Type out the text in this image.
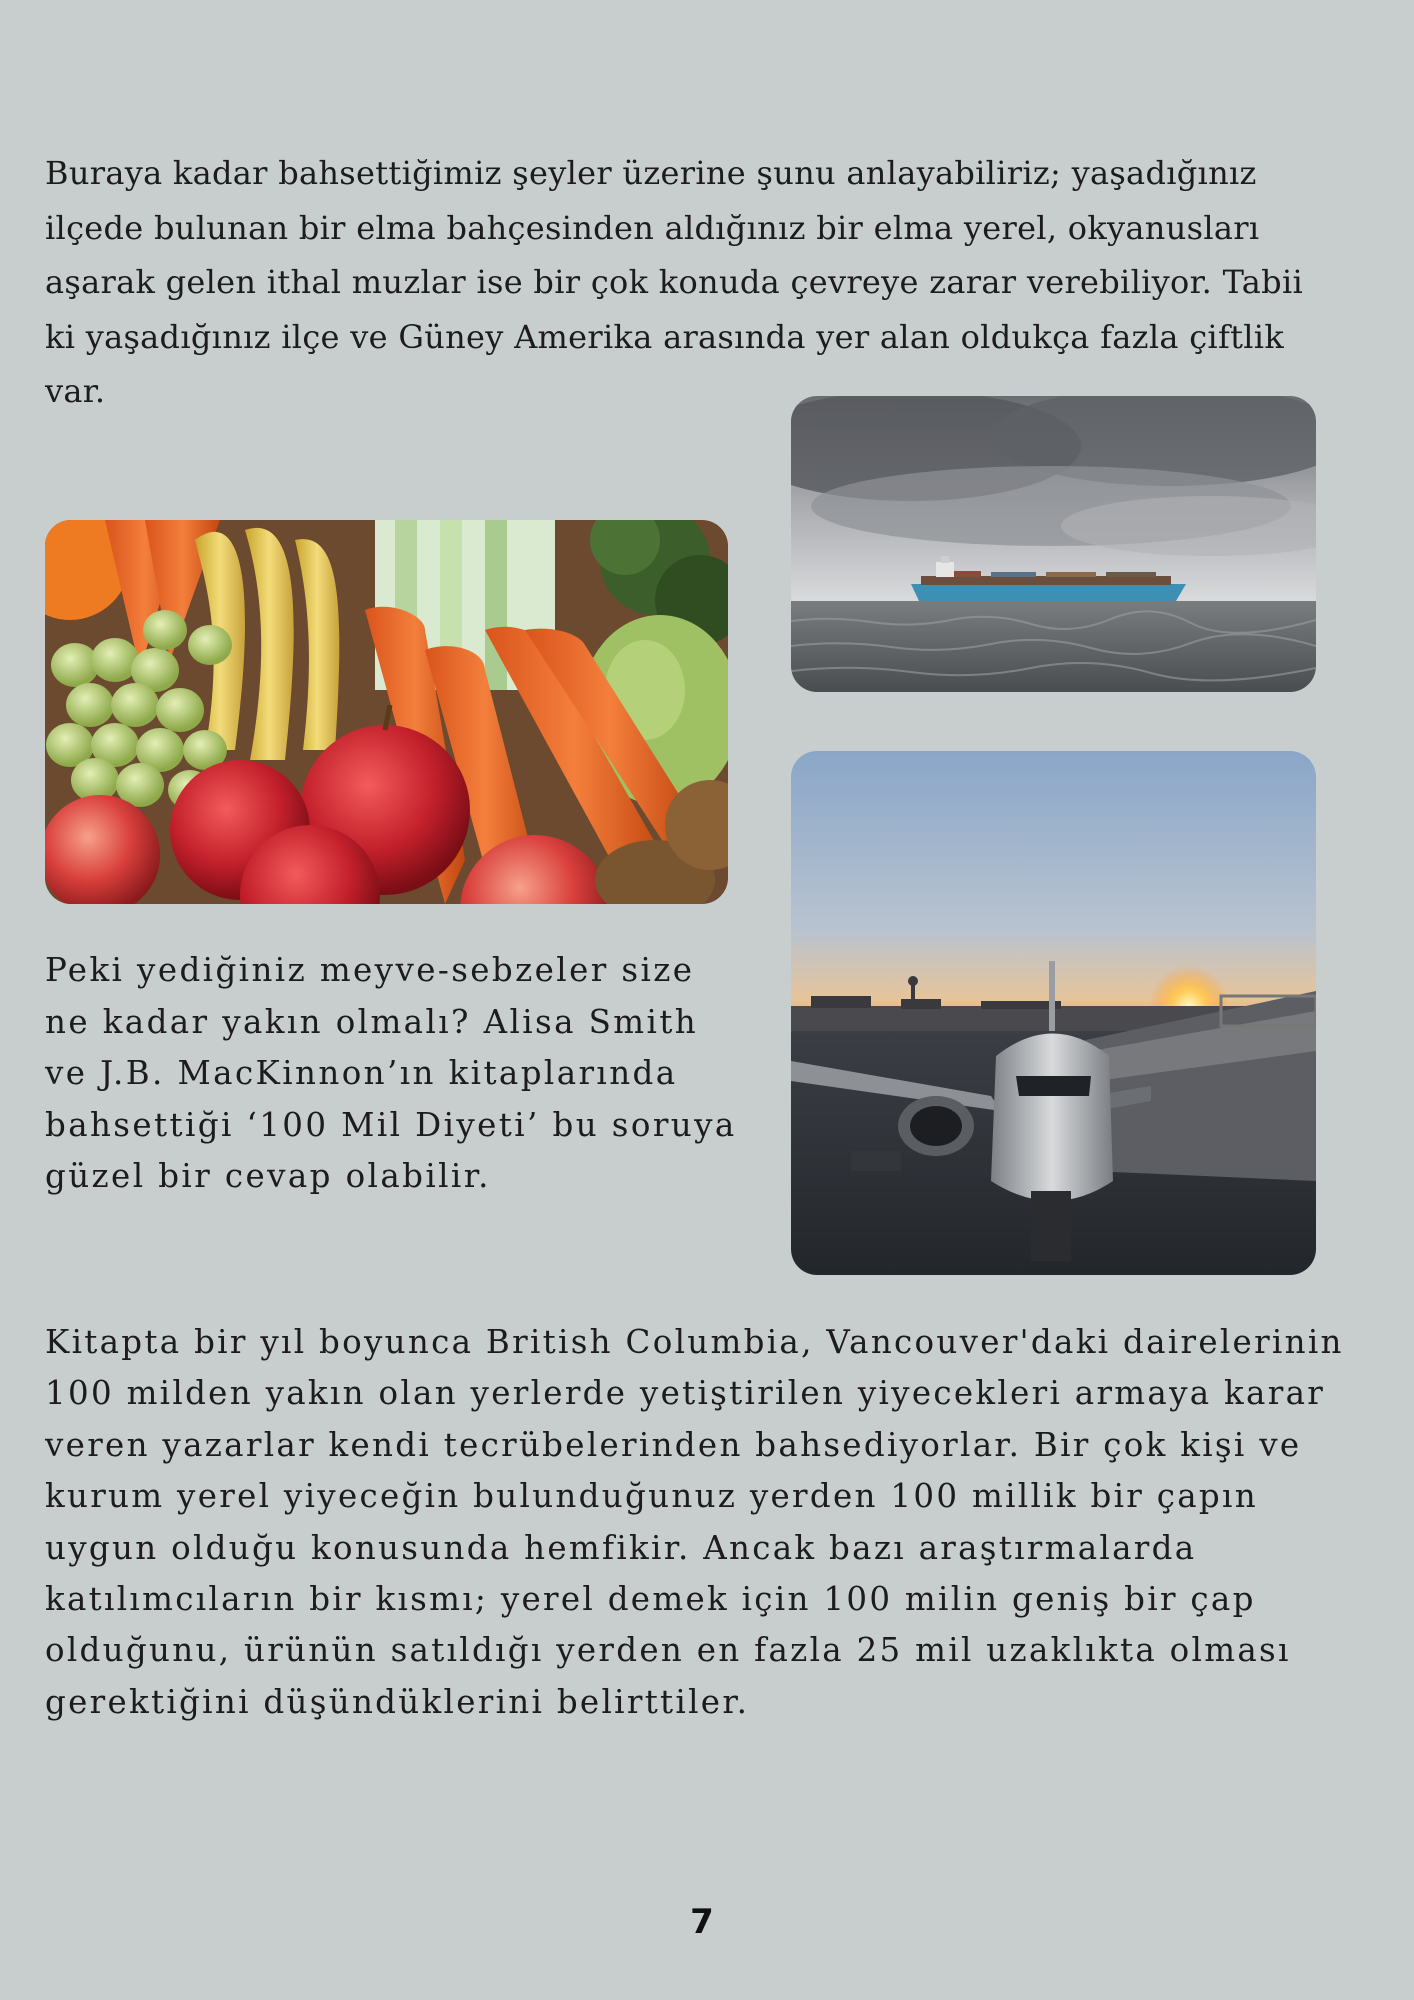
Buraya kadar bahsettiğimiz şeyler üzerine şunu anlayabiliriz; yaşadığınız ilçede bulunan bir elma bahçesinden aldığınız bir elma yerel, okyanusları aşarak gelen ithal muzlar ise bir çok konuda çevreye zarar verebiliyor. Tabii ki yaşadığınız ilçe ve Güney Amerika arasında yer alan oldukça fazla çiftlik var.

Peki yediğiniz meyve-sebzeler size ne kadar yakın olmalı? Alisa Smith ve J.B. MacKinnon’ın kitaplarında bahsettiği ‘100 Mil Diyeti’ bu soruya güzel bir cevap olabilir.

Kitapta bir yıl boyunca British Columbia, Vancouver'daki dairelerinin 100 milden yakın olan yerlerde yetiştirilen yiyecekleri armaya karar veren yazarlar kendi tecrübelerinden bahsediyorlar. Bir çok kişi ve kurum yerel yiyeceğin bulunduğunuz yerden 100 millik bir çapın uygun olduğu konusunda hemfikir. Ancak bazı araştırmalarda katılımcıların bir kısmı; yerel demek için 100 milin geniş bir çap olduğunu, ürünün satıldığı yerden en fazla 25 mil uzaklıkta olması gerektiğini düşündüklerini belirttiler.

7
